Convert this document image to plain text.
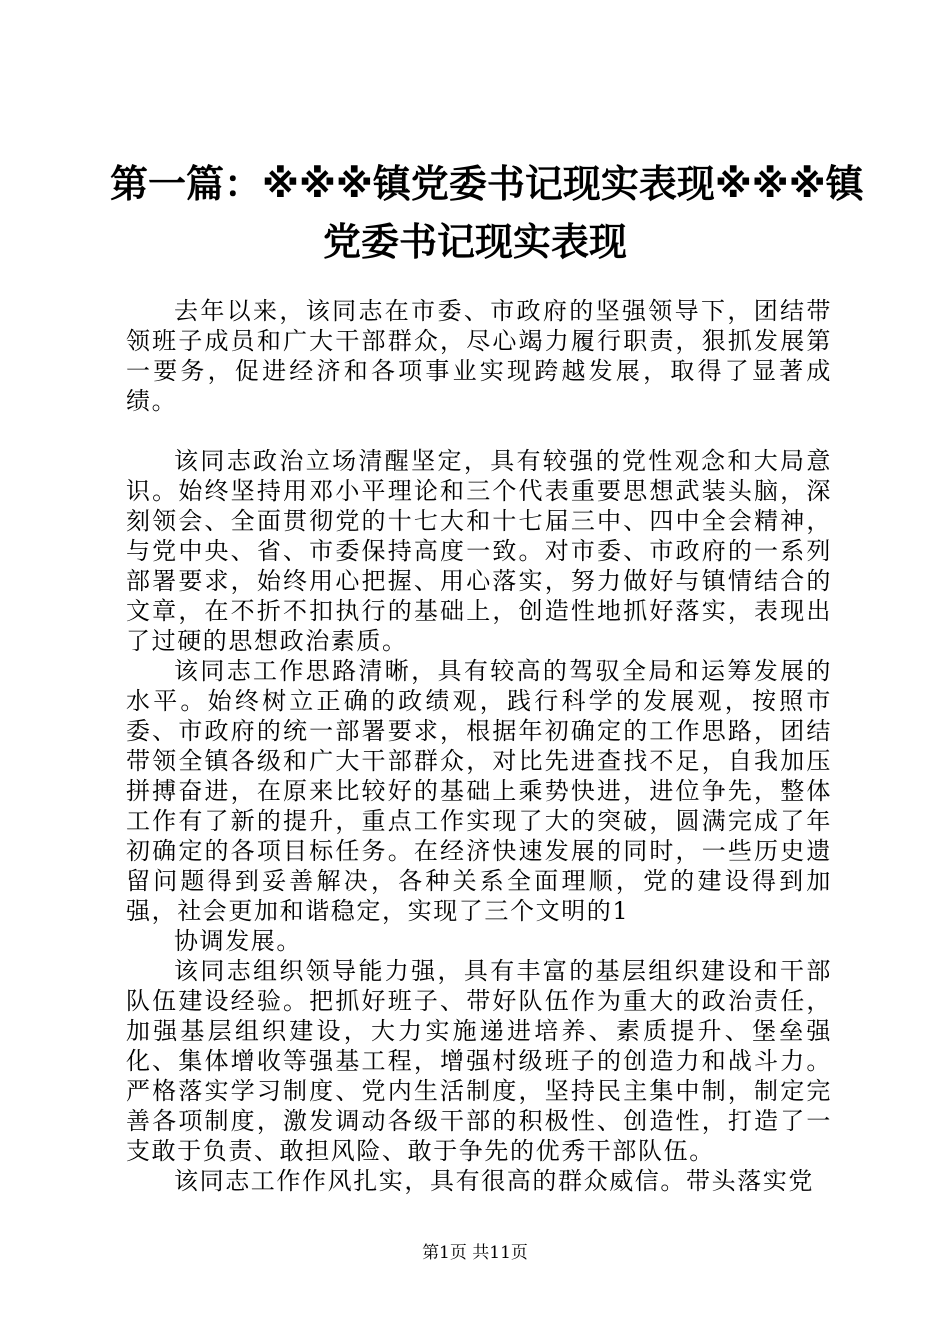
第一篇：※※※镇党委书记现实表现※※※镇
党委书记现实表现

去年以来，该同志在市委、市政府的坚强领导下，团结带领班子成员和广大干部群众，尽心竭力履行职责，狠抓发展第一要务，促进经济和各项事业实现跨越发展，取得了显著成绩。

该同志政治立场清醒坚定，具有较强的党性观念和大局意识。始终坚持用邓小平理论和三个代表重要思想武装头脑，深刻领会、全面贯彻党的十七大和十七届三中、四中全会精神，与党中央、省、市委保持高度一致。对市委、市政府的一系列部署要求，始终用心把握、用心落实，努力做好与镇情结合的文章，在不折不扣执行的基础上，创造性地抓好落实，表现出了过硬的思想政治素质。

该同志工作思路清晰，具有较高的驾驭全局和运筹发展的水平。始终树立正确的政绩观，践行科学的发展观，按照市委、市政府的统一部署要求，根据年初确定的工作思路，团结带领全镇各级和广大干部群众，对比先进查找不足，自我加压拼搏奋进，在原来比较好的基础上乘势快进，进位争先，整体工作有了新的提升，重点工作实现了大的突破，圆满完成了年初确定的各项目标任务。在经济快速发展的同时，一些历史遗留问题得到妥善解决，各种关系全面理顺，党的建设得到加强，社会更加和谐稳定，实现了三个文明的1

协调发展。

该同志组织领导能力强，具有丰富的基层组织建设和干部队伍建设经验。把抓好班子、带好队伍作为重大的政治责任，加强基层组织建设，大力实施递进培养、素质提升、堡垒强化、集体增收等强基工程，增强村级班子的创造力和战斗力。严格落实学习制度、党内生活制度，坚持民主集中制，制定完善各项制度，激发调动各级干部的积极性、创造性，打造了一支敢于负责、敢担风险、敢于争先的优秀干部队伍。

该同志工作作风扎实，具有很高的群众威信。带头落实党

第1页 共11页
